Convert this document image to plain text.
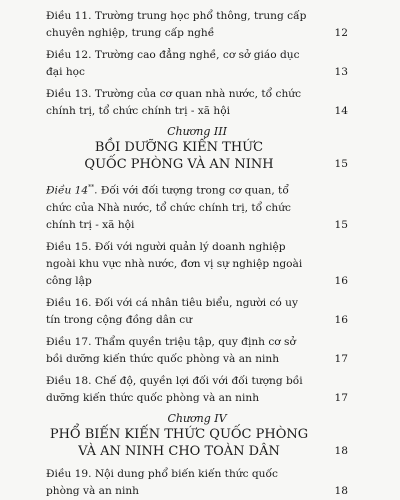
Điều 11. Trường trung học phổ thông, trung cấp chuyên nghiệp, trung cấp nghề	12
Điều 12. Trường cao đẳng nghề, cơ sở giáo dục đại học	13
Điều 13. Trường của cơ quan nhà nước, tổ chức chính trị, tổ chức chính trị - xã hội	14
Chương III
BỒI DƯỠNG KIẾN THỨC
QUỐC PHÒNG VÀ AN NINH	15
Điều 14**. Đối với đối tượng trong cơ quan, tổ chức của Nhà nước, tổ chức chính trị, tổ chức chính trị - xã hội	15
Điều 15. Đối với người quản lý doanh nghiệp ngoài khu vực nhà nước, đơn vị sự nghiệp ngoài công lập	16
Điều 16. Đối với cá nhân tiêu biểu, người có uy tín trong cộng đồng dân cư	16
Điều 17. Thẩm quyền triệu tập, quy định cơ sở bồi dưỡng kiến thức quốc phòng và an ninh	17
Điều 18. Chế độ, quyền lợi đối với đối tượng bồi dưỡng kiến thức quốc phòng và an ninh	17
Chương IV
PHỔ BIẾN KIẾN THỨC QUỐC PHÒNG
VÀ AN NINH CHO TOÀN DÂN	18
Điều 19. Nội dung phổ biến kiến thức quốc phòng và an ninh	18
